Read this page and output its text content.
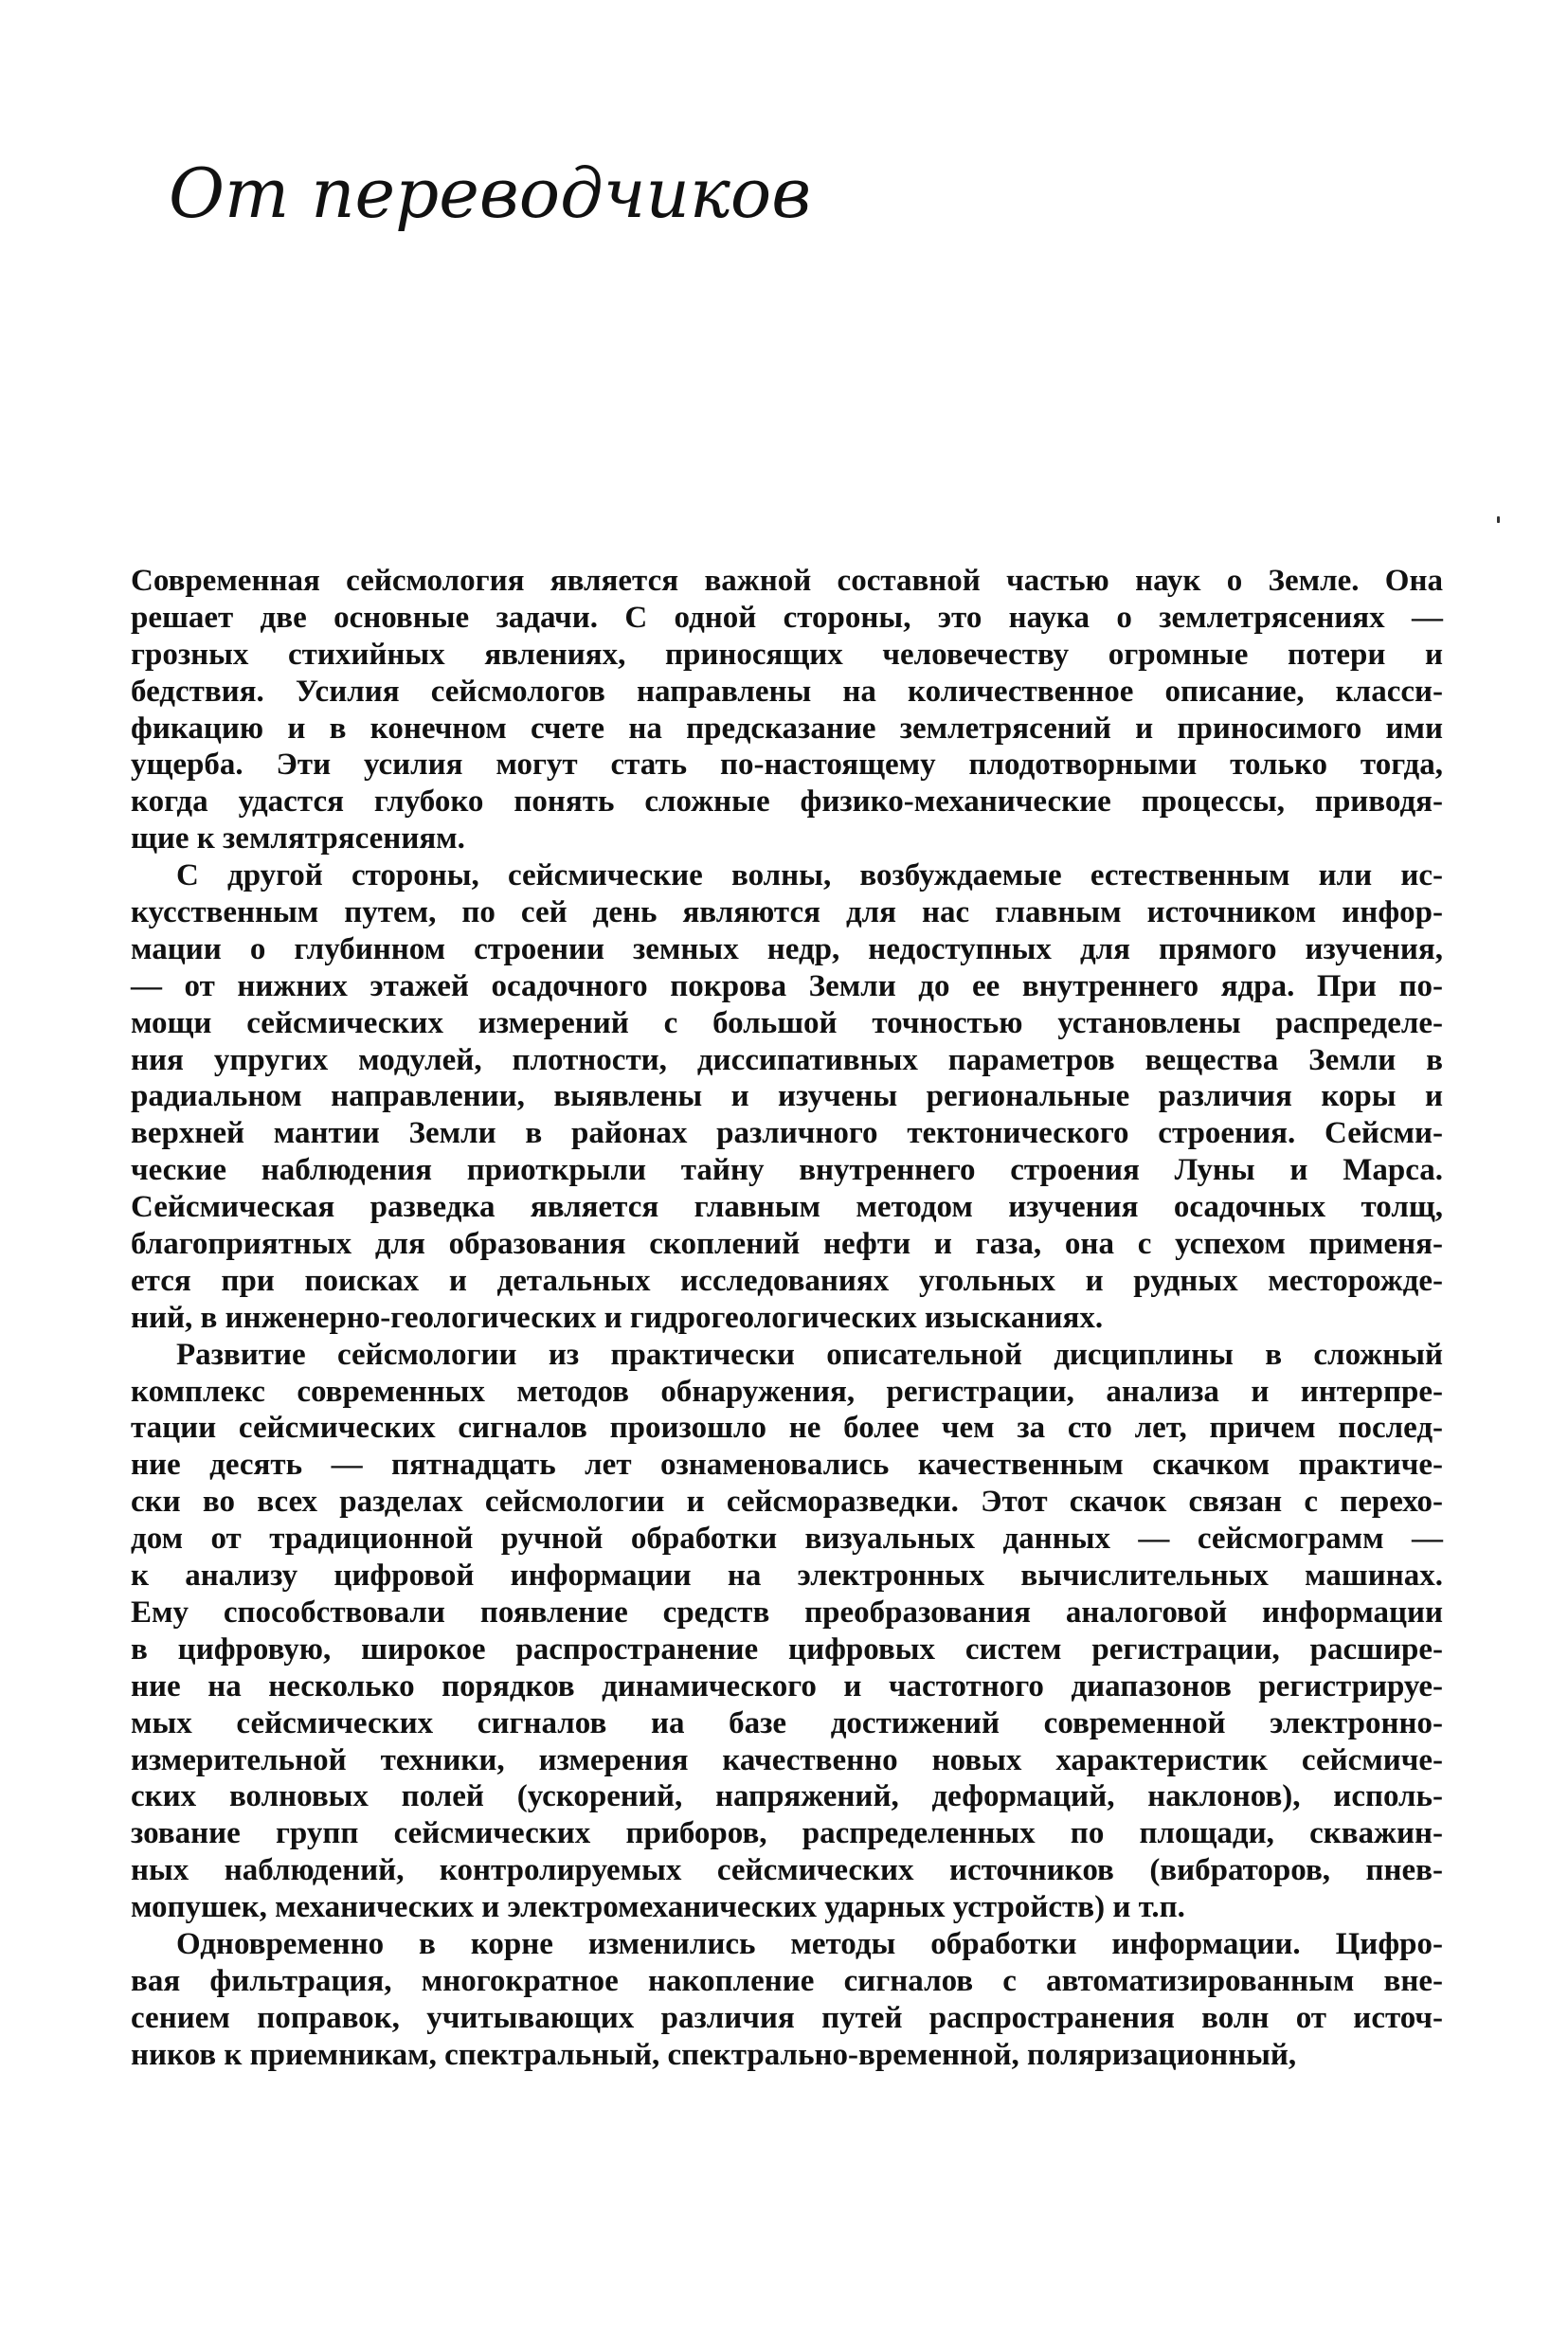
От переводчиков
Современная сейсмология является важной составной частью наук о Земле. Она
решает две основные задачи. С одной стороны, это наука о землетрясениях —
грозных стихийных явлениях, приносящих человечеству огромные потери и
бедствия. Усилия сейсмологов направлены на количественное описание, класси-
фикацию и в конечном счете на предсказание землетрясений и приносимого ими
ущерба. Эти усилия могут стать по-настоящему плодотворными только тогда,
когда удастся глубоко понять сложные физико-механические процессы, приводя-
щие к землятрясениям.
С другой стороны, сейсмические волны, возбуждаемые естественным или ис-
кусственным путем, по сей день являются для нас главным источником инфор-
мации о глубинном строении земных недр, недоступных для прямого изучения,
— от нижних этажей осадочного покрова Земли до ее внутреннего ядра. При по-
мощи сейсмических измерений с большой точностью установлены распределе-
ния упругих модулей, плотности, диссипативных параметров вещества Земли в
радиальном направлении, выявлены и изучены региональные различия коры и
верхней мантии Земли в районах различного тектонического строения. Сейсми-
ческие наблюдения приоткрыли тайну внутреннего строения Луны и Марса.
Сейсмическая разведка является главным методом изучения осадочных толщ,
благоприятных для образования скоплений нефти и газа, она с успехом применя-
ется при поисках и детальных исследованиях угольных и рудных месторожде-
ний, в инженерно-геологических и гидрогеологических изысканиях.
Развитие сейсмологии из практически описательной дисциплины в сложный
комплекс современных методов обнаружения, регистрации, анализа и интерпре-
тации сейсмических сигналов произошло не более чем за сто лет, причем послед-
ние десять — пятнадцать лет ознаменовались качественным скачком практиче-
ски во всех разделах сейсмологии и сейсморазведки. Этот скачок связан с перехо-
дом от традиционной ручной обработки визуальных данных — сейсмограмм —
к анализу цифровой информации на электронных вычислительных машинах.
Ему способствовали появление средств преобразования аналоговой информации
в цифровую, широкое распространение цифровых систем регистрации, расшире-
ние на несколько порядков динамического и частотного диапазонов регистрируе-
мых сейсмических сигналов иа базе достижений современной электронно-
измерительной техники, измерения качественно новых характеристик сейсмиче-
ских волновых полей (ускорений, напряжений, деформаций, наклонов), исполь-
зование групп сейсмических приборов, распределенных по площади, скважин-
ных наблюдений, контролируемых сейсмических источников (вибраторов, пнев-
мопушек, механических и электромеханических ударных устройств) и т.п.
Одновременно в корне изменились методы обработки информации. Цифро-
вая фильтрация, многократное накопление сигналов с автоматизированным вне-
сением поправок, учитывающих различия путей распространения волн от источ-
ников к приемникам, спектральный, спектрально-временной, поляризационный,
